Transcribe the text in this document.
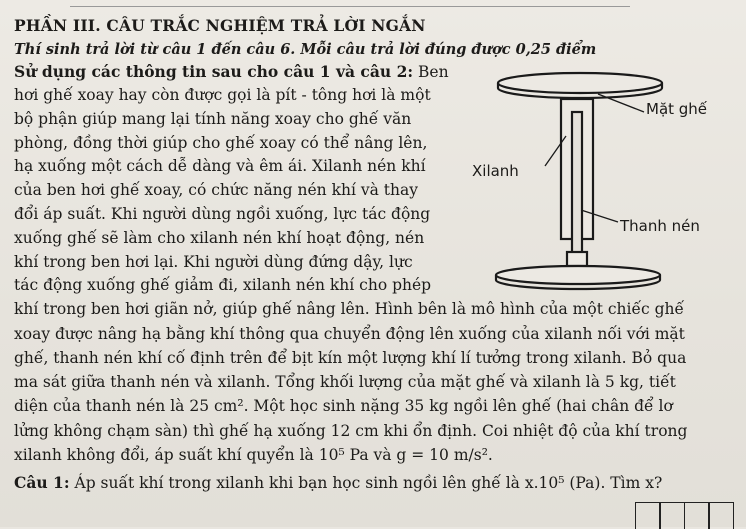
PHẦN III. CÂU TRẮC NGHIỆM TRẢ LỜI NGẮN
Thí sinh trả lời từ câu 1 đến câu 6. Mỗi câu trả lời đúng được 0,25 điểm
Sử dụng các thông tin sau cho câu 1 và câu 2: Ben
hơi ghế xoay hay còn được gọi là pít - tông hơi là một
bộ phận giúp mang lại tính năng xoay cho ghế văn
phòng, đồng thời giúp cho ghế xoay có thể nâng lên,
hạ xuống một cách dễ dàng và êm ái. Xilanh nén khí
của ben hơi ghế xoay, có chức năng nén khí và thay
đổi áp suất. Khi người dùng ngồi xuống, lực tác động
xuống ghế sẽ làm cho xilanh nén khí hoạt động, nén
khí trong ben hơi lại. Khi người dùng đứng dậy, lực
tác động xuống ghế giảm đi, xilanh nén khí cho phép
khí trong ben hơi giãn nở, giúp ghế nâng lên. Hình bên là mô hình của một chiếc ghế
xoay được nâng hạ bằng khí thông qua chuyển động lên xuống của xilanh nối với mặt
ghế, thanh nén khí cố định trên để bịt kín một lượng khí lí tưởng trong xilanh. Bỏ qua
ma sát giữa thanh nén và xilanh. Tổng khối lượng của mặt ghế và xilanh là 5 kg, tiết
diện của thanh nén là 25 cm². Một học sinh nặng 35 kg ngồi lên ghế (hai chân để lơ
lửng không chạm sàn) thì ghế hạ xuống 12 cm khi ổn định. Coi nhiệt độ của khí trong
xilanh không đổi, áp suất khí quyển là 10⁵ Pa và g = 10 m/s².
Câu 1: Áp suất khí trong xilanh khi bạn học sinh ngồi lên ghế là x.10⁵ (Pa). Tìm x?
Mặt ghế
Xilanh
Thanh nén
